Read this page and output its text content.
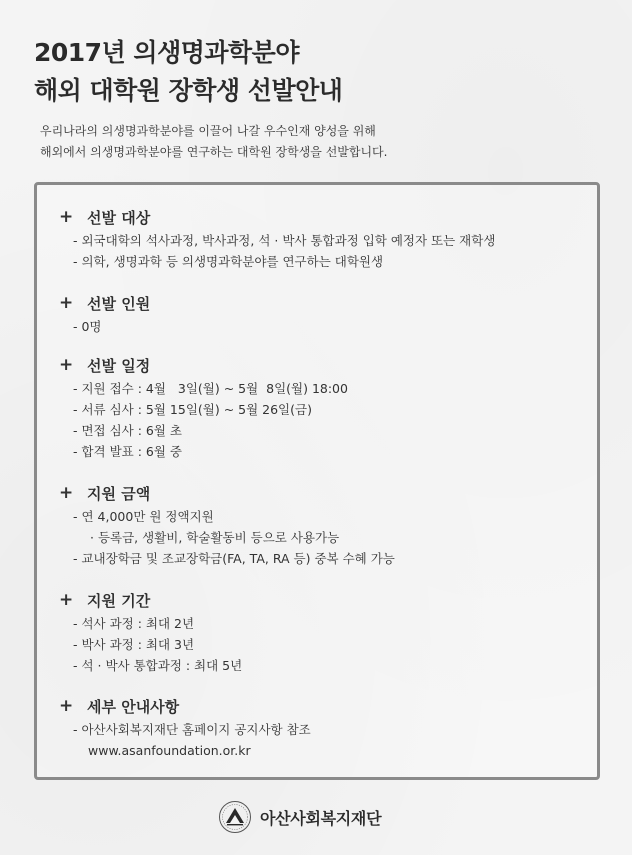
2017년 의생명과학분야
해외 대학원 장학생 선발안내

우리나라의 의생명과학분야를 이끌어 나갈 우수인재 양성을 위해
해외에서 의생명과학분야를 연구하는 대학원 장학생을 선발합니다.

+ 선발 대상
- 외국대학의 석사과정, 박사과정, 석 · 박사 통합과정 입학 예정자 또는 재학생
- 의학, 생명과학 등 의생명과학분야를 연구하는 대학원생
+ 선발 인원
- 0명
+ 선발 일정
- 지원 접수 : 4월   3일(월) ~ 5월  8일(월) 18:00
- 서류 심사 : 5월 15일(월) ~ 5월 26일(금)
- 면접 심사 : 6월 초
- 합격 발표 : 6월 중
+ 지원 금액
- 연 4,000만 원 정액지원
· 등록금, 생활비, 학술활동비 등으로 사용가능
- 교내장학금 및 조교장학금(FA, TA, RA 등) 중복 수혜 가능
+ 지원 기간
- 석사 과정 : 최대 2년
- 박사 과정 : 최대 3년
- 석 · 박사 통합과정 : 최대 5년
+ 세부 안내사항
- 아산사회복지재단 홈페이지 공지사항 참조
www.asanfoundation.or.kr
아산사회복지재단
